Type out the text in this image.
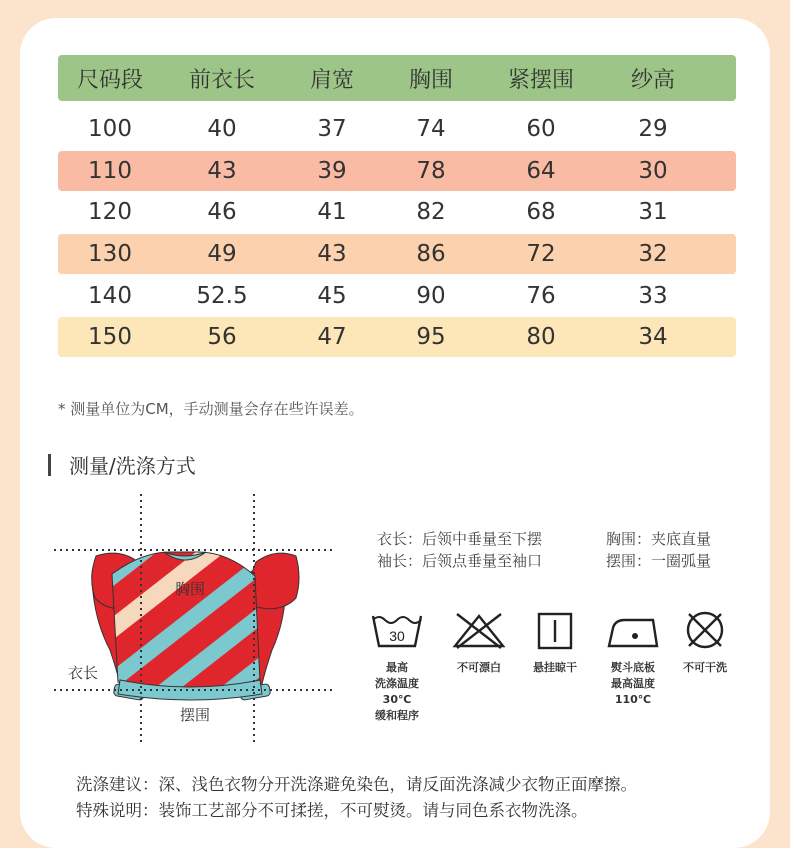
尺码段	前衣长	肩宽	胸围	紧摆围	纱高
100	40	37	74	60	29
110	43	39	78	64	30
120	46	41	82	68	31
130	49	43	86	72	32
140	52.5	45	90	76	33
150	56	47	95	80	34
* 测量单位为CM，手动测量会存在些许误差。
测量/洗涤方式
胸围
衣长
摆围
衣长：后领中垂量至下摆
袖长：后领点垂量至袖口
胸围：夹底直量
摆围：一圈弧量
30
最高
洗涤温度30℃
缓和程序
不可漂白	悬挂晾干	熨斗底板
最高温度110℃
不可干洗
洗涤建议：深、浅色衣物分开洗涤避免染色，请反面洗涤减少衣物正面摩擦。
特殊说明：装饰工艺部分不可揉搓，不可熨烫。请与同色系衣物洗涤。
